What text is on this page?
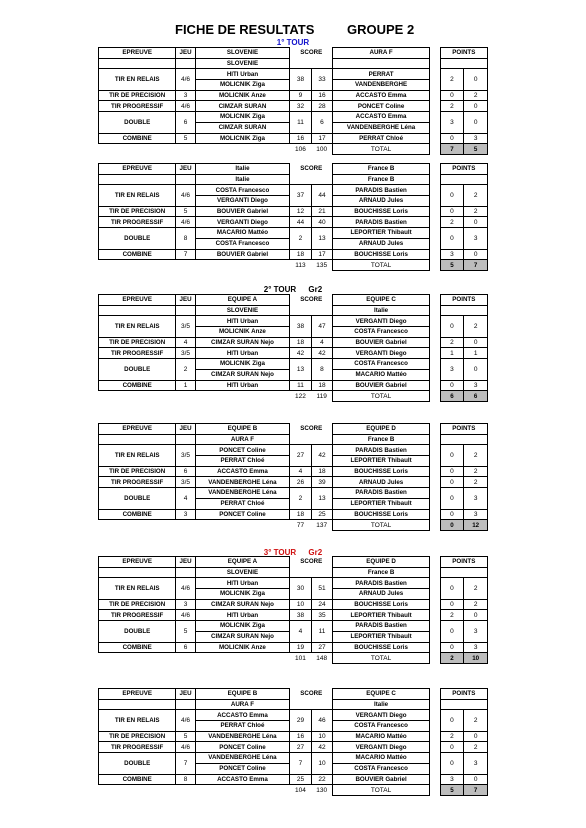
FICHE DE RESULTATS	GROUPE 2
1° TOUR
2° TOUR Gr2
3° TOUR Gr2
EPREUVE	JEU	SLOVENIE	SCORE		AURA F		POINTS	
		SLOVENIE						
TIR EN RELAIS	4/6	HITI Urban	38	33	PERRAT		2	0
		MOLICNIK Ziga			VANDENBERGHE			
TIR DE PRECISION	3	MOLICNIK Anze	9	16	ACCASTO Emma		0	2
TIR PROGRESSIF	4/6	CIMZAR SURAN	32	28	PONCET Coline		2	0
DOUBLE	6	MOLICNIK Ziga	11	6	ACCASTO Emma		3	0
		CIMZAR SURAN			VANDENBERGHE Léna			
COMBINE	5	MOLICNIK Ziga	16	17	PERRAT Chloé		0	3
			106	100	TOTAL		7	5
EPREUVE	JEU	Italie	SCORE		France B		POINTS	
		Italie			France B			
TIR EN RELAIS	4/6	COSTA Francesco	37	44	PARADIS Bastien		0	2
		VERGANTI Diego			ARNAUD Jules			
TIR DE PRECISION	5	BOUVIER Gabriel	12	21	BOUCHISSE Loris		0	2
TIR PROGRESSIF	4/6	VERGANTI Diego	44	40	PARADIS Bastien		2	0
DOUBLE	8	MACARIO Mattéo	2	13	LEPORTIER Thibault		0	3
		COSTA Francesco			ARNAUD Jules			
COMBINE	7	BOUVIER Gabriel	18	17	BOUCHISSE Loris		3	0
			113	135	TOTAL		5	7
EPREUVE	JEU	EQUIPE A	SCORE		EQUIPE C		POINTS	
		SLOVENIE			Italie			
TIR EN RELAIS	3/5	HITI Urban	38	47	VERGANTI Diego		0	2
		MOLICNIK Anze			COSTA Francesco			
TIR DE PRECISION	4	CIMZAR SURAN Nejo	18	4	BOUVIER Gabriel		2	0
TIR PROGRESSIF	3/5	HITI Urban	42	42	VERGANTI Diego		1	1
DOUBLE	2	MOLICNIK Ziga	13	8	COSTA Francesco		3	0
		CIMZAR SURAN Nejo			MACARIO Mattéo			
COMBINE	1	HITI Urban	11	18	BOUVIER Gabriel		0	3
			122	119	TOTAL		6	6
EPREUVE	JEU	EQUIPE B	SCORE		EQUIPE D		POINTS	
		AURA F			France B			
TIR EN RELAIS	3/5	PONCET Coline	27	42	PARADIS Bastien		0	2
		PERRAT Chloé			LEPORTIER Thibault			
TIR DE PRECISION	6	ACCASTO Emma	4	18	BOUCHISSE Loris		0	2
TIR PROGRESSIF	3/5	VANDENBERGHE Léna	26	39	ARNAUD Jules		0	2
DOUBLE	4	VANDENBERGHE Léna	2	13	PARADIS Bastien		0	3
		PERRAT Chloé			LEPORTIER Thibault			
COMBINE	3	PONCET Coline	18	25	BOUCHISSE Loris		0	3
			77	137	TOTAL		0	12
EPREUVE	JEU	EQUIPE A	SCORE		EQUIPE D		POINTS	
		SLOVENIE			France B			
TIR EN RELAIS	4/6	HITI Urban	30	51	PARADIS Bastien		0	2
		MOLICNIK Ziga			ARNAUD Jules			
TIR DE PRECISION	3	CIMZAR SURAN Nejo	10	24	BOUCHISSE Loris		0	2
TIR PROGRESSIF	4/6	HITI Urban	38	35	LEPORTIER Thibault		2	0
DOUBLE	5	MOLICNIK Ziga	4	11	PARADIS Bastien		0	3
		CIMZAR SURAN Nejo			LEPORTIER Thibault			
COMBINE	6	MOLICNIK Anze	19	27	BOUCHISSE Loris		0	3
			101	148	TOTAL		2	10
EPREUVE	JEU	EQUIPE B	SCORE		EQUIPE C		POINTS	
		AURA F			Italie			
TIR EN RELAIS	4/6	ACCASTO Emma	29	46	VERGANTI Diego		0	2
		PERRAT Chloé			COSTA Francesco			
TIR DE PRECISION	5	VANDENBERGHE Léna	16	10	MACARIO Mattéo		2	0
TIR PROGRESSIF	4/6	PONCET Coline	27	42	VERGANTI Diego		0	2
DOUBLE	7	VANDENBERGHE Léna	7	10	MACARIO Mattéo		0	3
		PONCET Coline			COSTA Francesco			
COMBINE	8	ACCASTO Emma	25	22	BOUVIER Gabriel		3	0
			104	130	TOTAL		5	7
